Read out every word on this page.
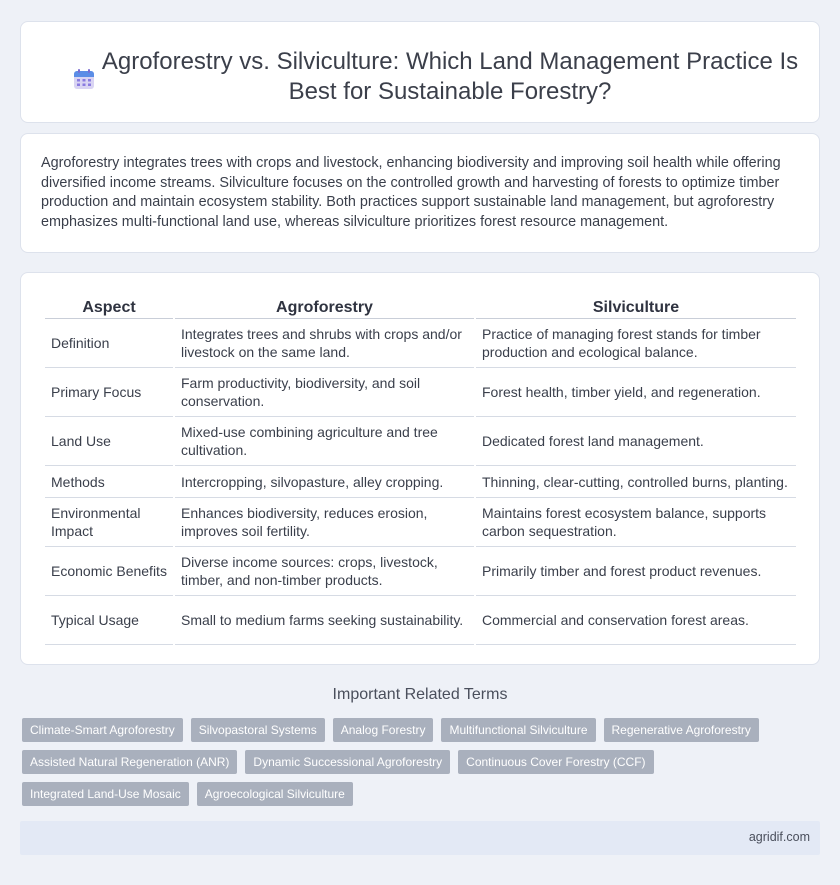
Agroforestry vs. Silviculture: Which Land Management Practice Is Best for Sustainable Forestry?

Agroforestry integrates trees with crops and livestock, enhancing biodiversity and improving soil health while offering diversified income streams. Silviculture focuses on the controlled growth and harvesting of forests to optimize timber production and maintain ecosystem stability. Both practices support sustainable land management, but agroforestry emphasizes multi-functional land use, whereas silviculture prioritizes forest resource management.

Aspect	Agroforestry	Silviculture
Definition	Integrates trees and shrubs with crops and/or livestock on the same land.	Practice of managing forest stands for timber production and ecological balance.
Primary Focus	Farm productivity, biodiversity, and soil conservation.	Forest health, timber yield, and regeneration.
Land Use	Mixed-use combining agriculture and tree cultivation.	Dedicated forest land management.
Methods	Intercropping, silvopasture, alley cropping.	Thinning, clear-cutting, controlled burns, planting.
Environmental Impact	Enhances biodiversity, reduces erosion, improves soil fertility.	Maintains forest ecosystem balance, supports carbon sequestration.
Economic Benefits	Diverse income sources: crops, livestock, timber, and non-timber products.	Primarily timber and forest product revenues.
Typical Usage	Small to medium farms seeking sustainability.	Commercial and conservation forest areas.
Important Related Terms
Climate-Smart Agroforestry	Silvopastoral Systems	Analog Forestry	Multifunctional Silviculture	Regenerative Agroforestry
Assisted Natural Regeneration (ANR)	Dynamic Successional Agroforestry	Continuous Cover Forestry (CCF)
Integrated Land-Use Mosaic	Agroecological Silviculture
agridif.com
